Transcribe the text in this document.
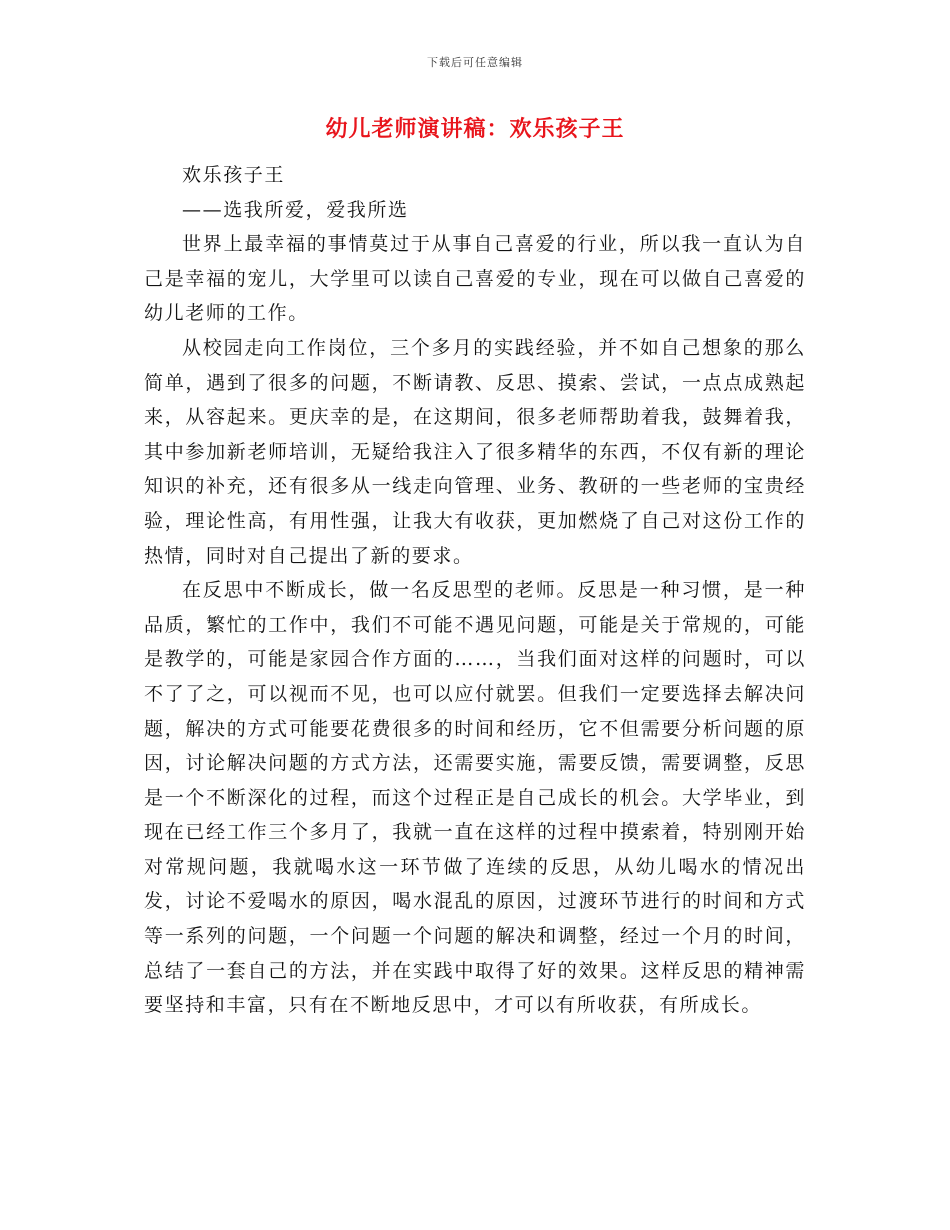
下载后可任意编辑
幼儿老师演讲稿：欢乐孩子王

欢乐孩子王

——选我所爱，爱我所选

世界上最幸福的事情莫过于从事自己喜爱的行业，所以我一直认为自己是幸福的宠儿，大学里可以读自己喜爱的专业，现在可以做自己喜爱的幼儿老师的工作。

从校园走向工作岗位，三个多月的实践经验，并不如自己想象的那么简单，遇到了很多的问题，不断请教、反思、摸索、尝试，一点点成熟起来，从容起来。更庆幸的是，在这期间，很多老师帮助着我，鼓舞着我，其中参加新老师培训，无疑给我注入了很多精华的东西，不仅有新的理论知识的补充，还有很多从一线走向管理、业务、教研的一些老师的宝贵经验，理论性高，有用性强，让我大有收获，更加燃烧了自己对这份工作的热情，同时对自己提出了新的要求。

在反思中不断成长，做一名反思型的老师。反思是一种习惯，是一种品质，繁忙的工作中，我们不可能不遇见问题，可能是关于常规的，可能是教学的，可能是家园合作方面的……，当我们面对这样的问题时，可以不了了之，可以视而不见，也可以应付就罢。但我们一定要选择去解决问题，解决的方式可能要花费很多的时间和经历，它不但需要分析问题的原因，讨论解决问题的方式方法，还需要实施，需要反馈，需要调整，反思是一个不断深化的过程，而这个过程正是自己成长的机会。大学毕业，到现在已经工作三个多月了，我就一直在这样的过程中摸索着，特别刚开始对常规问题，我就喝水这一环节做了连续的反思，从幼儿喝水的情况出发，讨论不爱喝水的原因，喝水混乱的原因，过渡环节进行的时间和方式等一系列的问题，一个问题一个问题的解决和调整，经过一个月的时间，总结了一套自己的方法，并在实践中取得了好的效果。这样反思的精神需要坚持和丰富，只有在不断地反思中，才可以有所收获，有所成长。
